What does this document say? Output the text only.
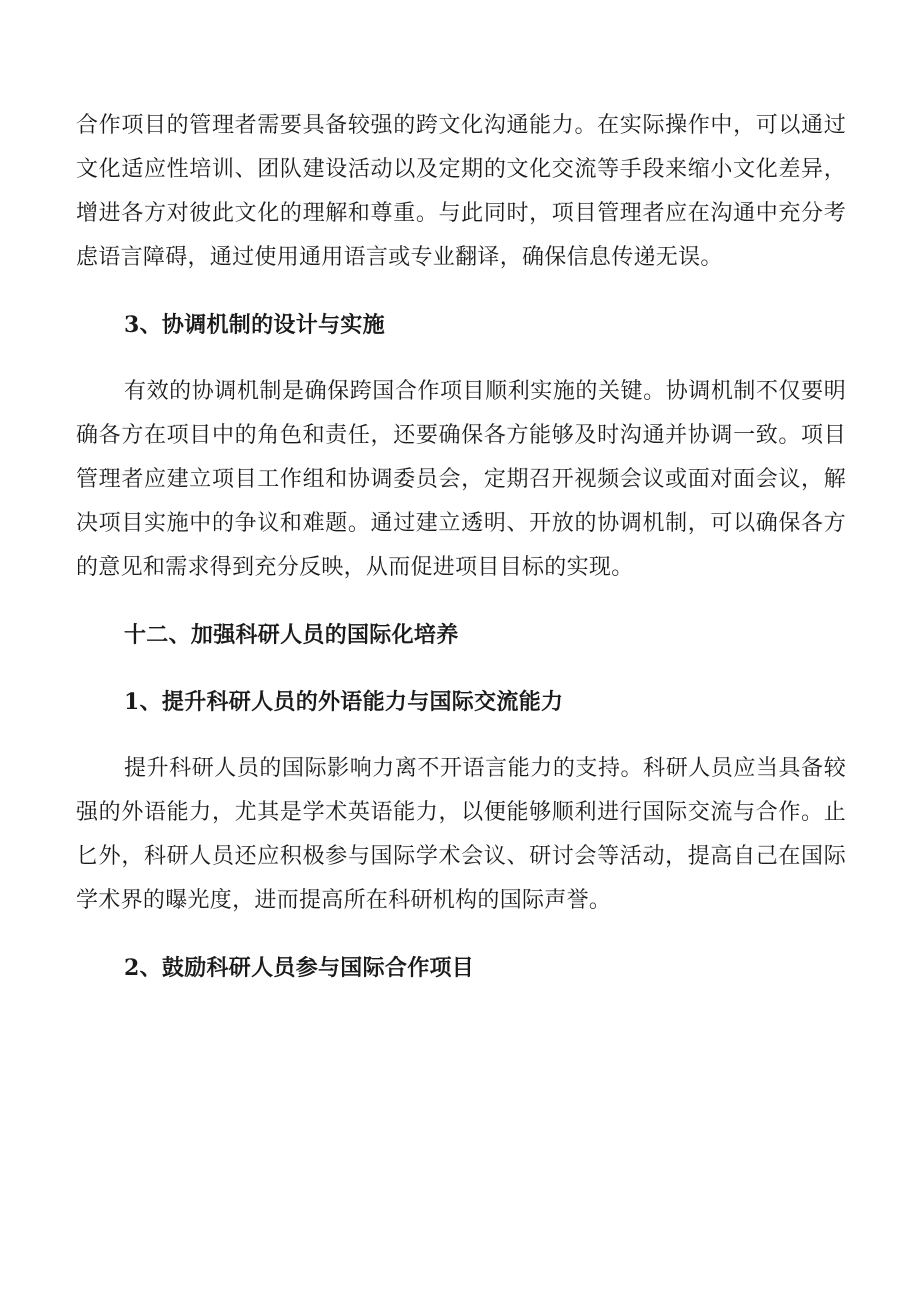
合作项目的管理者需要具备较强的跨文化沟通能力。在实际操作中，可以通过文化适应性培训、团队建设活动以及定期的文化交流等手段来缩小文化差异，增进各方对彼此文化的理解和尊重。与此同时，项目管理者应在沟通中充分考虑语言障碍，通过使用通用语言或专业翻译，确保信息传递无误。

3、协调机制的设计与实施

有效的协调机制是确保跨国合作项目顺利实施的关键。协调机制不仅要明确各方在项目中的角色和责任，还要确保各方能够及时沟通并协调一致。项目管理者应建立项目工作组和协调委员会，定期召开视频会议或面对面会议，解决项目实施中的争议和难题。通过建立透明、开放的协调机制，可以确保各方的意见和需求得到充分反映，从而促进项目目标的实现。

十二、加强科研人员的国际化培养
1、提升科研人员的外语能力与国际交流能力

提升科研人员的国际影响力离不开语言能力的支持。科研人员应当具备较强的外语能力，尤其是学术英语能力，以便能够顺利进行国际交流与合作。止匕外，科研人员还应积极参与国际学术会议、研讨会等活动，提高自己在国际学术界的曝光度，进而提高所在科研机构的国际声誉。

2、鼓励科研人员参与国际合作项目
